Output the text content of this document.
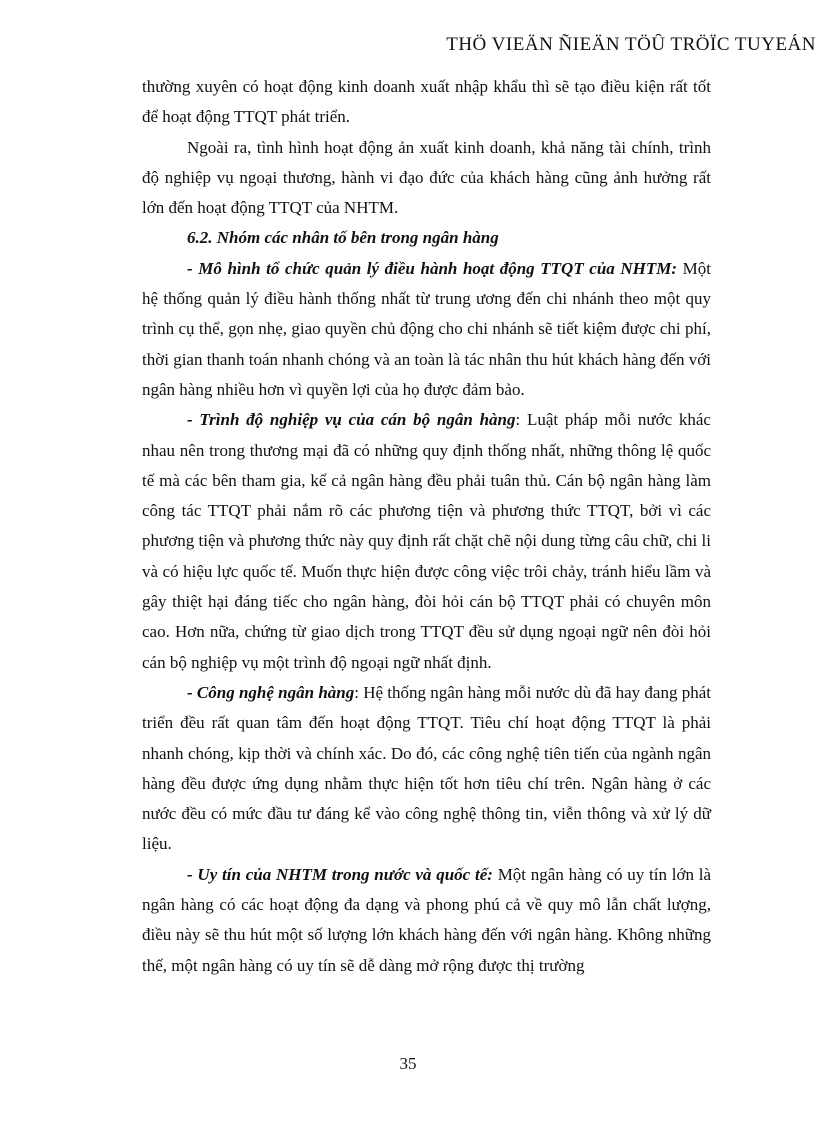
THÖ VIEÄN ÑIEÄN TÖÛ TRÖÏC TUYEÁN

thường xuyên có hoạt động kinh doanh xuất nhập khẩu thì sẽ tạo điều kiện rất tốt để hoạt động TTQT phát triển.

Ngoài ra, tình hình hoạt động ản xuất kinh doanh, khả năng tài chính, trình độ nghiệp vụ ngoại thương, hành vi đạo đức của khách hàng cũng ảnh hưởng rất lớn đến hoạt động TTQT của NHTM.

6.2. Nhóm các nhân tố bên trong ngân hàng

- Mô hình tổ chức quản lý điều hành hoạt động TTQT của NHTM: Một hệ thống quản lý điều hành thống nhất từ trung ương đến chi nhánh theo một quy trình cụ thể, gọn nhẹ, giao quyền chủ động cho chi nhánh sẽ tiết kiệm được chi phí, thời gian thanh toán nhanh chóng và an toàn là tác nhân thu hút khách hàng đến với ngân hàng nhiều hơn vì quyền lợi của họ được đảm bảo.

- Trình độ nghiệp vụ của cán bộ ngân hàng: Luật pháp mỗi nước khác nhau nên trong thương mại đã có những quy định thống nhất, những thông lệ quốc tế mà các bên tham gia, kể cả ngân hàng đều phải tuân thủ. Cán bộ ngân hàng làm công tác TTQT phải nắm rõ các phương tiện và phương thức TTQT, bởi vì các phương tiện và phương thức này quy định rất chặt chẽ nội dung từng câu chữ, chi li và có hiệu lực quốc tế. Muốn thực hiện được công việc trôi chảy, tránh hiểu lầm và gây thiệt hại đáng tiếc cho ngân hàng, đòi hỏi cán bộ TTQT phải có chuyên môn cao. Hơn nữa, chứng từ giao dịch trong TTQT đều sử dụng ngoại ngữ nên đòi hỏi cán bộ nghiệp vụ một trình độ ngoại ngữ nhất định.

- Công nghệ ngân hàng: Hệ thống ngân hàng mỗi nước dù đã hay đang phát triển đều rất quan tâm đến hoạt động TTQT. Tiêu chí hoạt động TTQT là phải nhanh chóng, kịp thời và chính xác. Do đó, các công nghệ tiên tiến của ngành ngân hàng đều được ứng dụng nhằm thực hiện tốt hơn tiêu chí trên. Ngân hàng ở các nước đều có mức đầu tư đáng kể vào công nghệ thông tin, viễn thông và xử lý dữ liệu.

- Uy tín của NHTM trong nước và quốc tế: Một ngân hàng có uy tín lớn là ngân hàng có các hoạt động đa dạng và phong phú cả về quy mô lẫn chất lượng, điều này sẽ thu hút một số lượng lớn khách hàng đến với ngân hàng. Không những thế, một ngân hàng có uy tín sẽ dễ dàng mở rộng được thị trường

35
